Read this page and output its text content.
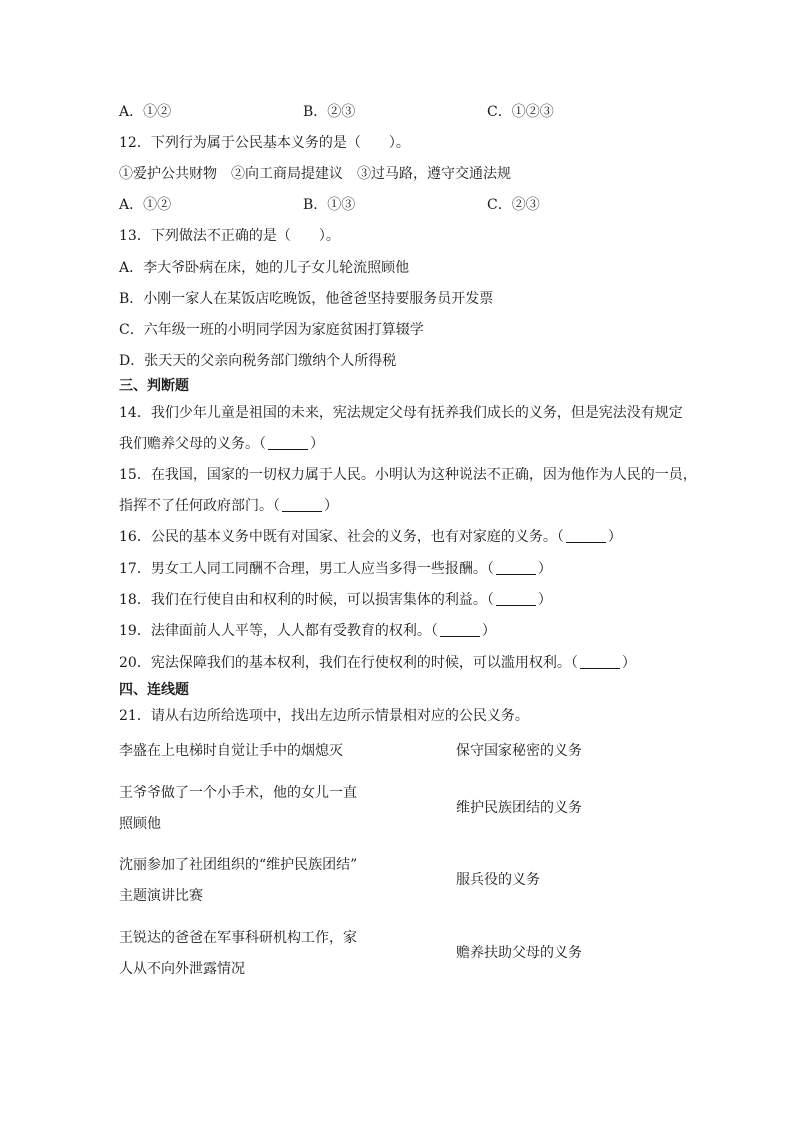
A．①②	B．②③	C．①②③
12．下列行为属于公民基本义务的是（　　）。
①爱护公共财物　②向工商局提建议　③过马路，遵守交通法规
A．①②	B．①③	C．②③
13．下列做法不正确的是（　　）。
A．李大爷卧病在床，她的儿子女儿轮流照顾他
B．小刚一家人在某饭店吃晚饭，他爸爸坚持要服务员开发票
C．六年级一班的小明同学因为家庭贫困打算辍学
D．张天天的父亲向税务部门缴纳个人所得税
三、判断题
14．我们少年儿童是祖国的未来，宪法规定父母有抚养我们成长的义务，但是宪法没有规定
我们赡养父母的义务。（	）
15．在我国，国家的一切权力属于人民。小明认为这种说法不正确，因为他作为人民的一员，
指挥不了任何政府部门。（	）
16．公民的基本义务中既有对国家、社会的义务，也有对家庭的义务。（	）
17．男女工人同工同酬不合理，男工人应当多得一些报酬。（	）
18．我们在行使自由和权利的时候，可以损害集体的利益。（	）
19．法律面前人人平等，人人都有受教育的权利。（	）
20．宪法保障我们的基本权利，我们在行使权利的时候，可以滥用权利。（	）
四、连线题
21．请从右边所给选项中，找出左边所示情景相对应的公民义务。
李盛在上电梯时自觉让手中的烟熄灭
王爷爷做了一个小手术，他的女儿一直
照顾他
沈丽参加了社团组织的“维护民族团结”
主题演讲比赛
王锐达的爸爸在军事科研机构工作，家
人从不向外泄露情况
保守国家秘密的义务
维护民族团结的义务
服兵役的义务
赡养扶助父母的义务
